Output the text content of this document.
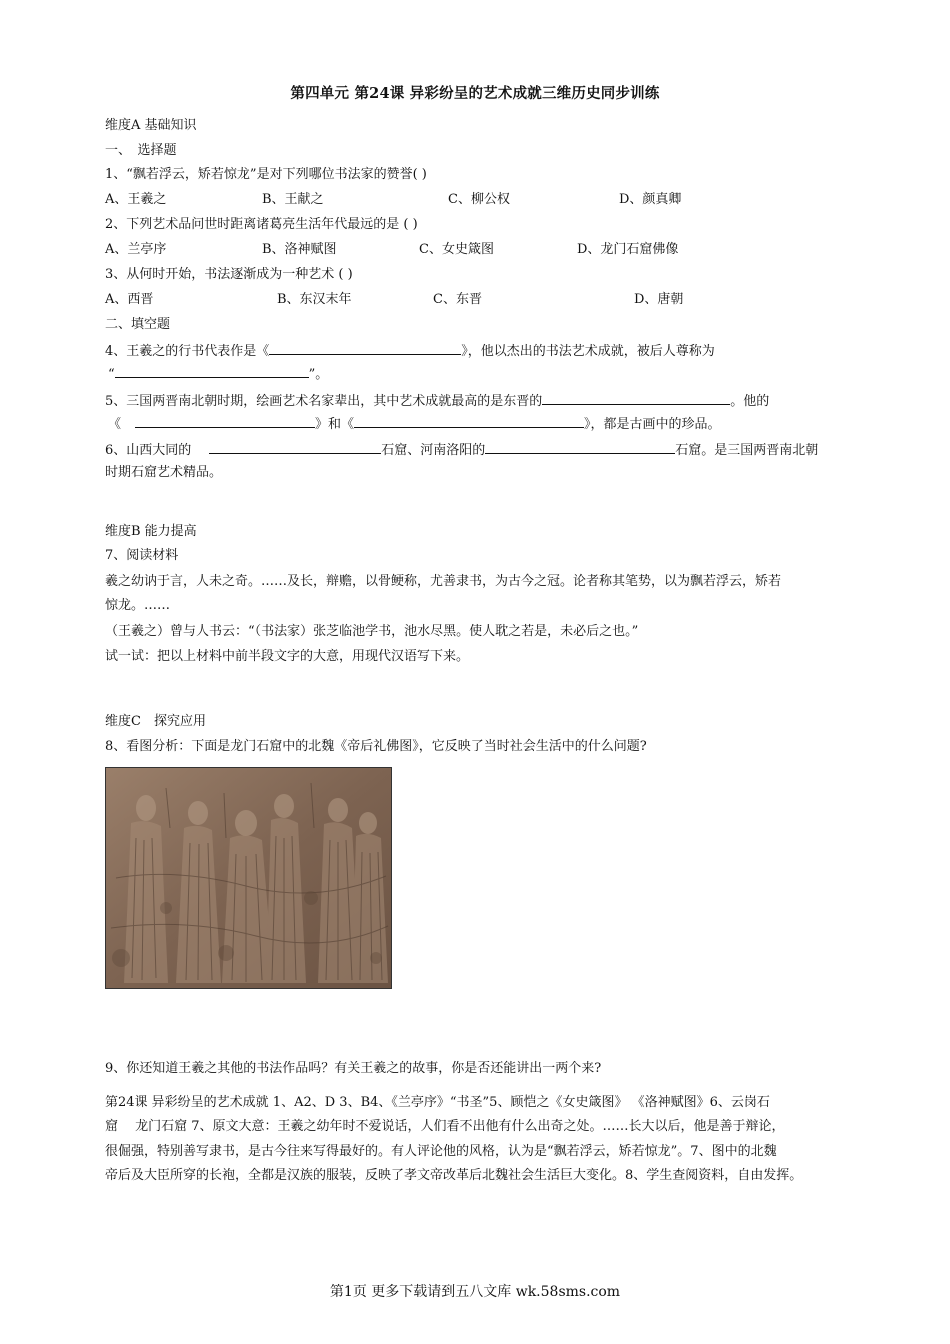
第四单元 第24课 异彩纷呈的艺术成就三维历史同步训练
维度A 基础知识
一、　选择题
1、“飘若浮云，矫若惊龙”是对下列哪位书法家的赞誉( )
A、王羲之	B、王献之	C、柳公权	D、颜真卿
2、下列艺术品问世时距离诸葛亮生活年代最远的是 ( )
A、兰亭序	B、洛神赋图	C、女史箴图	D、龙门石窟佛像
3、从何时开始，书法逐渐成为一种艺术 ( )
A、西晋	B、东汉末年	C、东晋	D、唐朝
二、填空题
4、王羲之的行书代表作是《	》，他以杰出的书法艺术成就，被后人尊称为
“	”。
5、三国两晋南北朝时期，绘画艺术名家辈出，其中艺术成就最高的是东晋的	。他的
《	》和《	》，都是古画中的珍品。
6、山西大同的	石窟、河南洛阳的	石窟。是三国两晋南北朝
时期石窟艺术精品。
维度B 能力提高
7、阅读材料
羲之幼讷于言，人未之奇。……及长，辩赡，以骨鲠称，尤善隶书，为古今之冠。论者称其笔势，以为飘若浮云，矫若
惊龙。……
（王羲之）曾与人书云：“（书法家）张芝临池学书，池水尽黑。使人耽之若是，未必后之也。”
试一试：把以上材料中前半段文字的大意，用现代汉语写下来。
维度C　探究应用
8、看图分析：下面是龙门石窟中的北魏《帝后礼佛图》，它反映了当时社会生活中的什么问题?
9、你还知道王羲之其他的书法作品吗？有关王羲之的故事，你是否还能讲出一两个来?
第24课 异彩纷呈的艺术成就 1、A2、D 3、B4、《兰亭序》“书圣”5、顾恺之《女史箴图》 《洛神赋图》6、云岗石
窟　 龙门石窟 7、原文大意：王羲之幼年时不爱说话，人们看不出他有什么出奇之处。……长大以后，他是善于辩论，
很倔强，特别善写隶书，是古今往来写得最好的。有人评论他的风格，认为是“飘若浮云，矫若惊龙”。7、图中的北魏
帝后及大臣所穿的长袍，全都是汉族的服装，反映了孝文帝改革后北魏社会生活巨大变化。8、学生查阅资料，自由发挥。
第1页 更多下载请到五八文库 wk.58sms.com
